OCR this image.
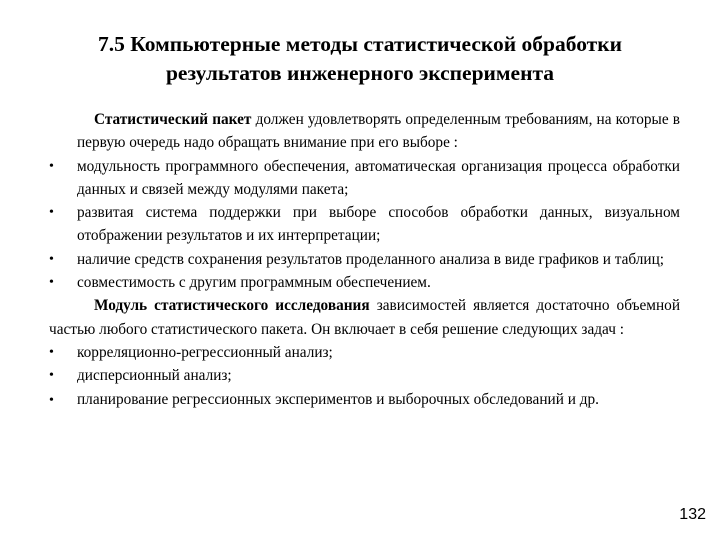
7.5 Компьютерные методы статистической обработки
результатов инженерного эксперимента
Статистический пакет должен удовлетворять определенным требованиям, на которые в первую очередь надо обращать внимание при его выборе :
•	модульность программного обеспечения, автоматическая организация процесса обработки данных и связей между модулями пакета;
•	развитая система поддержки при выборе способов обработки данных, визуальном отображении результатов и их интерпретации;
•	наличие средств сохранения результатов проделанного анализа в виде графиков и таблиц;
•	совместимость с другим программным обеспечением.
Модуль статистического исследования зависимостей является достаточно объемной частью любого статистического пакета. Он включает в себя решение следующих задач :
•	корреляционно-регрессионный анализ;
•	дисперсионный анализ;
• планирование регрессионных экспериментов и выборочных обследований и др.
132
